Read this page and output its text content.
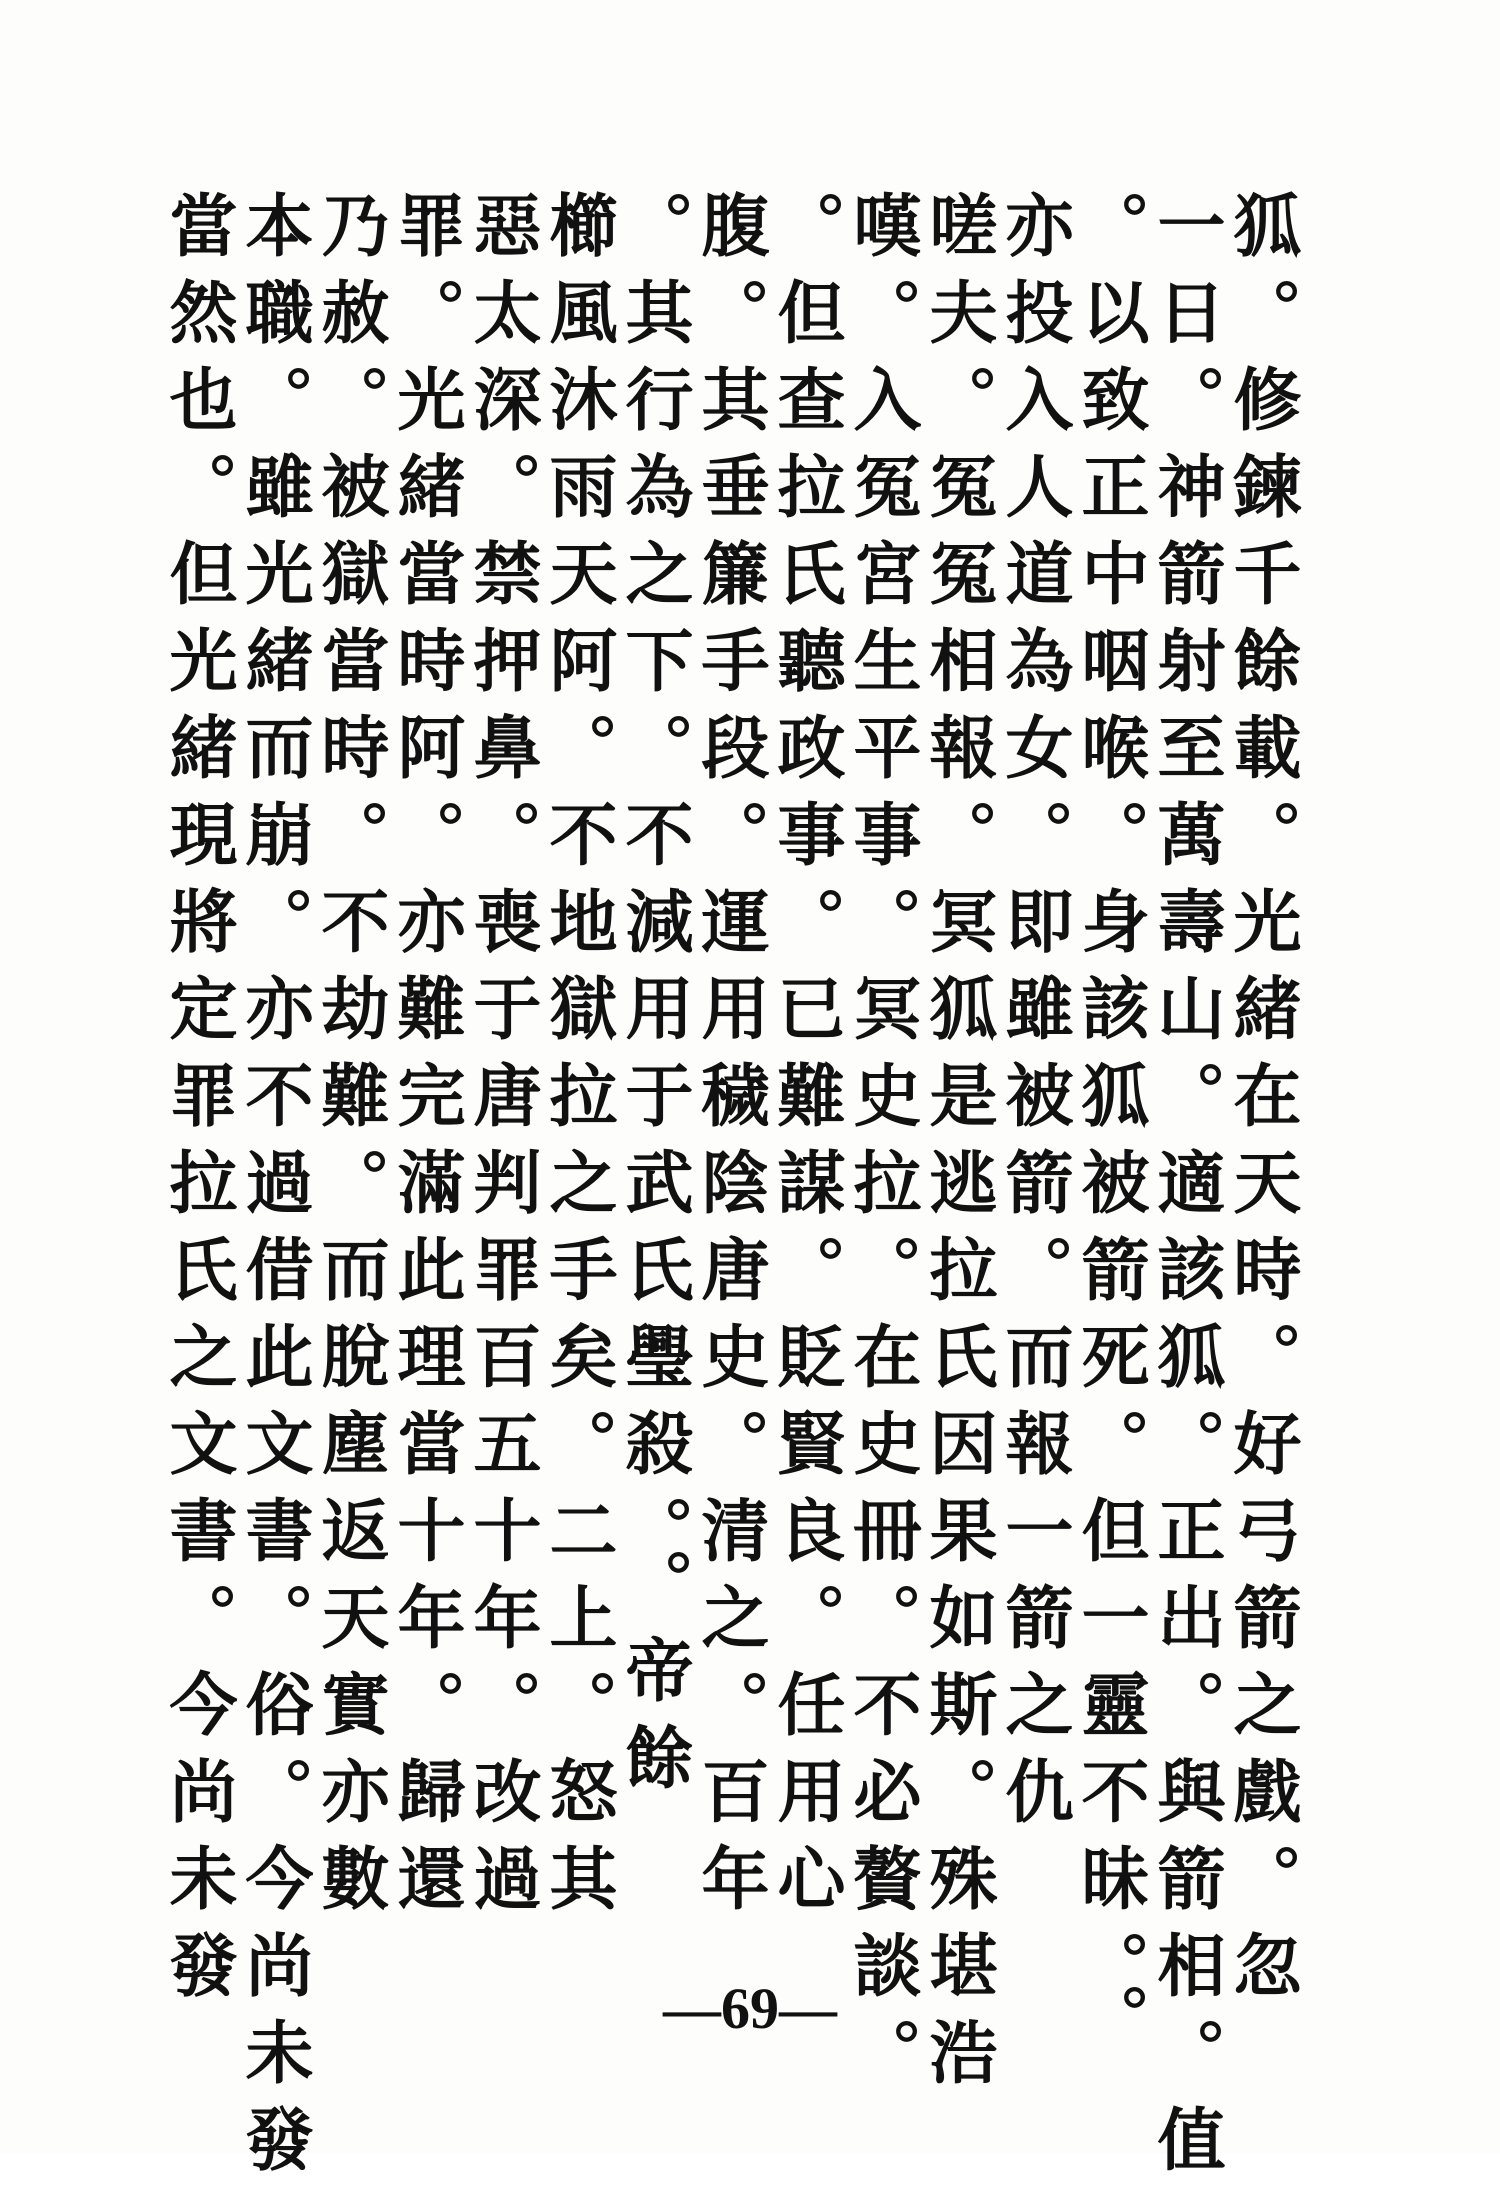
狐。修鍊千餘載。光緒在天時。好弓箭之戲。忽
一日。神箭射至萬壽山。適該狐。正出。與箭相。值
。以致正中咽喉。身該狐被箭死。但一靈不昧。。
亦投入人道為女。即雖被箭。而報一箭之仇
嗟夫。冤冤相報。冥狐是逃拉氏因果如斯。殊堪浩
嘆。入冤宮生平事。冥史拉。在史冊。不必贅談。
。但查拉氏聽政事。已難謀。貶賢良。任用心
腹。其垂簾手段。運用穢陰唐史。清之。百年
。其行為之下。不減用于武氏璺殺。。帝餘
櫛風沐雨天阿。不地獄拉之手矣。二上。怒其
惡太深。禁押鼻。喪于唐判罪百五十年。改過
罪。光緒當時阿。亦難完滿此理當十年。歸還
乃赦。被獄當時。不劫難。而脫塵返天實亦數
本職。雖光緒而崩。亦不過借此文書。俗。今尚未發
當然也。但光緒現將定罪拉氏之文書。今尚未發	—69—
